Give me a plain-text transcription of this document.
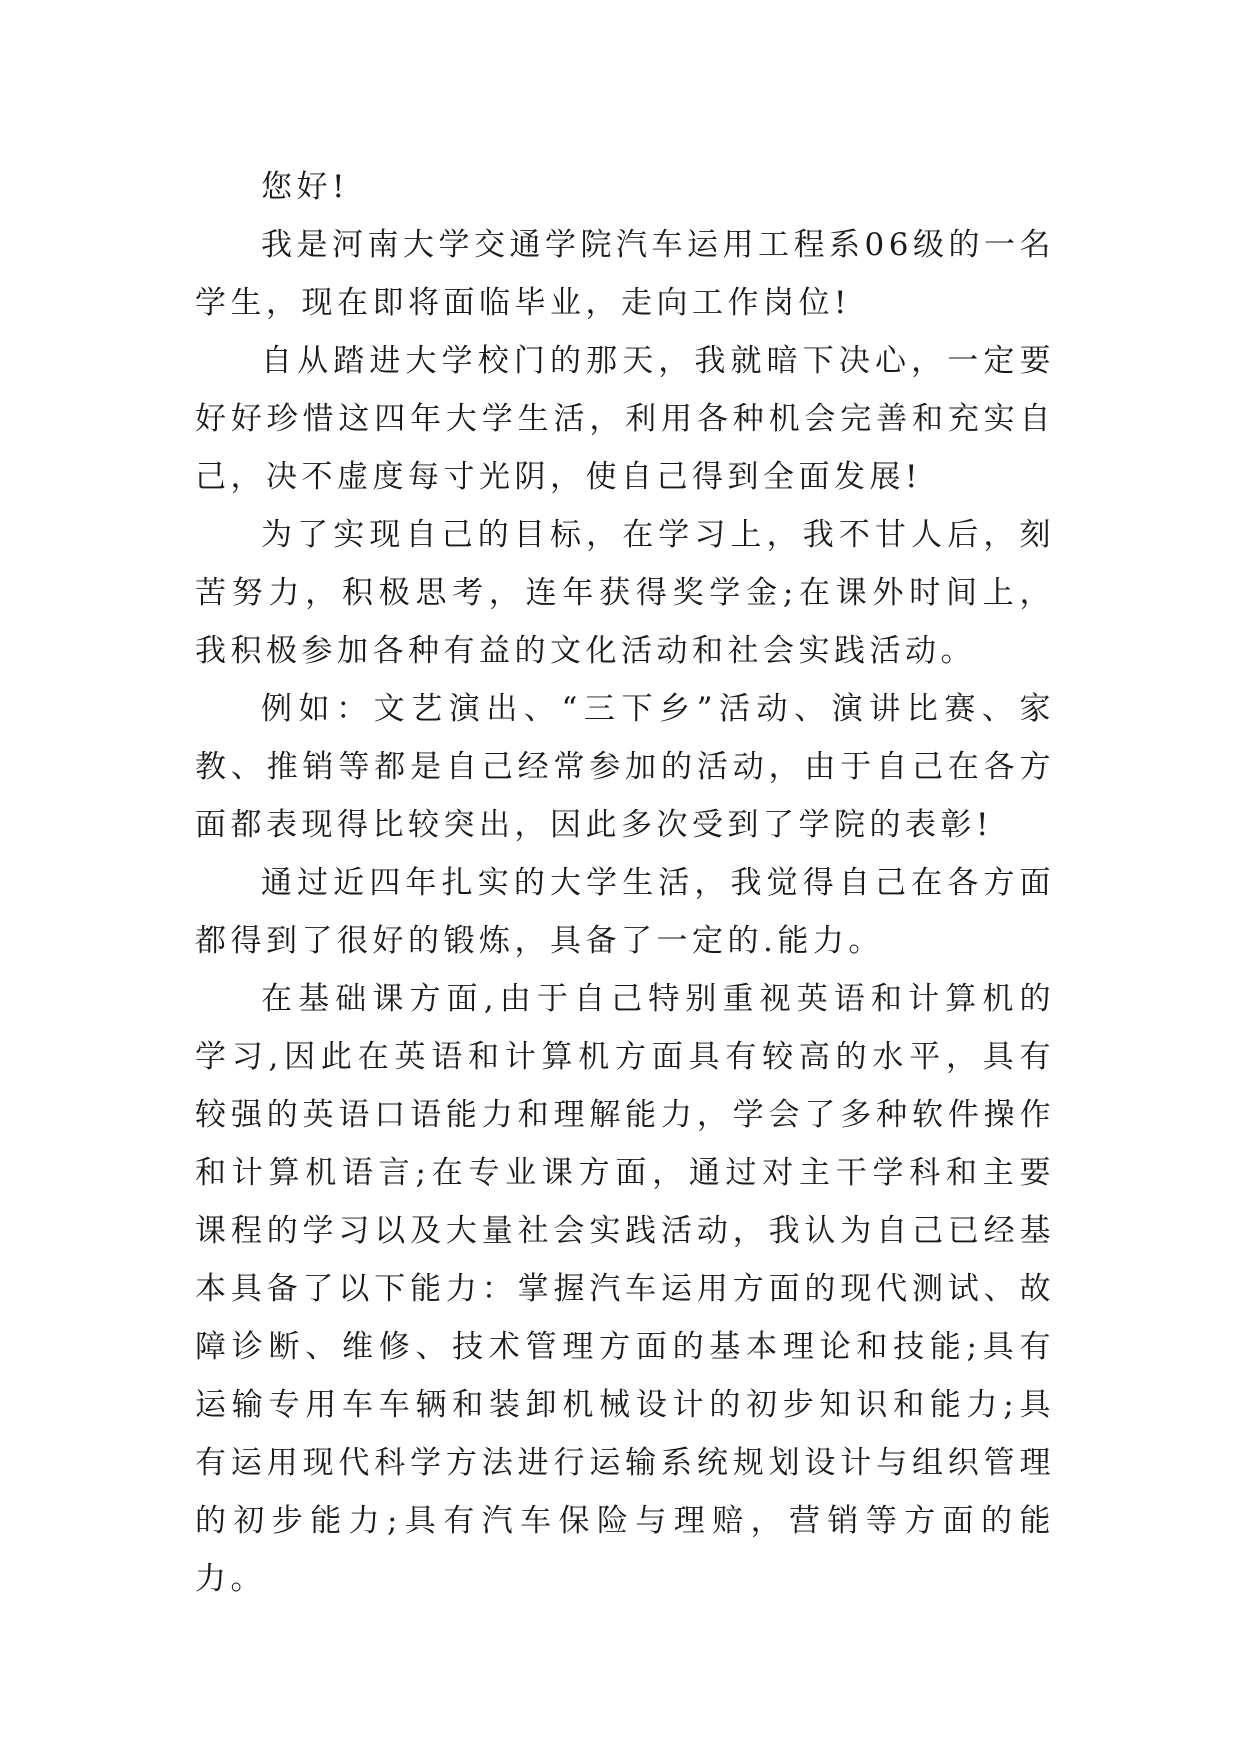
您好!

我是河南大学交通学院汽车运用工程系06级的一名学生，现在即将面临毕业，走向工作岗位!

自从踏进大学校门的那天，我就暗下决心，一定要好好珍惜这四年大学生活，利用各种机会完善和充实自己，决不虚度每寸光阴，使自己得到全面发展!

为了实现自己的目标，在学习上，我不甘人后，刻苦努力，积极思考，连年获得奖学金;在课外时间上，我积极参加各种有益的文化活动和社会实践活动。

例如：文艺演出、“三下乡”活动、演讲比赛、家教、推销等都是自己经常参加的活动，由于自己在各方面都表现得比较突出，因此多次受到了学院的表彰!

通过近四年扎实的大学生活，我觉得自己在各方面都得到了很好的锻炼，具备了一定的.能力。

在基础课方面,由于自己特别重视英语和计算机的学习,因此在英语和计算机方面具有较高的水平，具有较强的英语口语能力和理解能力，学会了多种软件操作和计算机语言;在专业课方面，通过对主干学科和主要课程的学习以及大量社会实践活动，我认为自己已经基本具备了以下能力：掌握汽车运用方面的现代测试、故障诊断、维修、技术管理方面的基本理论和技能;具有运输专用车车辆和装卸机械设计的初步知识和能力;具有运用现代科学方法进行运输系统规划设计与组织管理的初步能力;具有汽车保险与理赔，营销等方面的能力。
